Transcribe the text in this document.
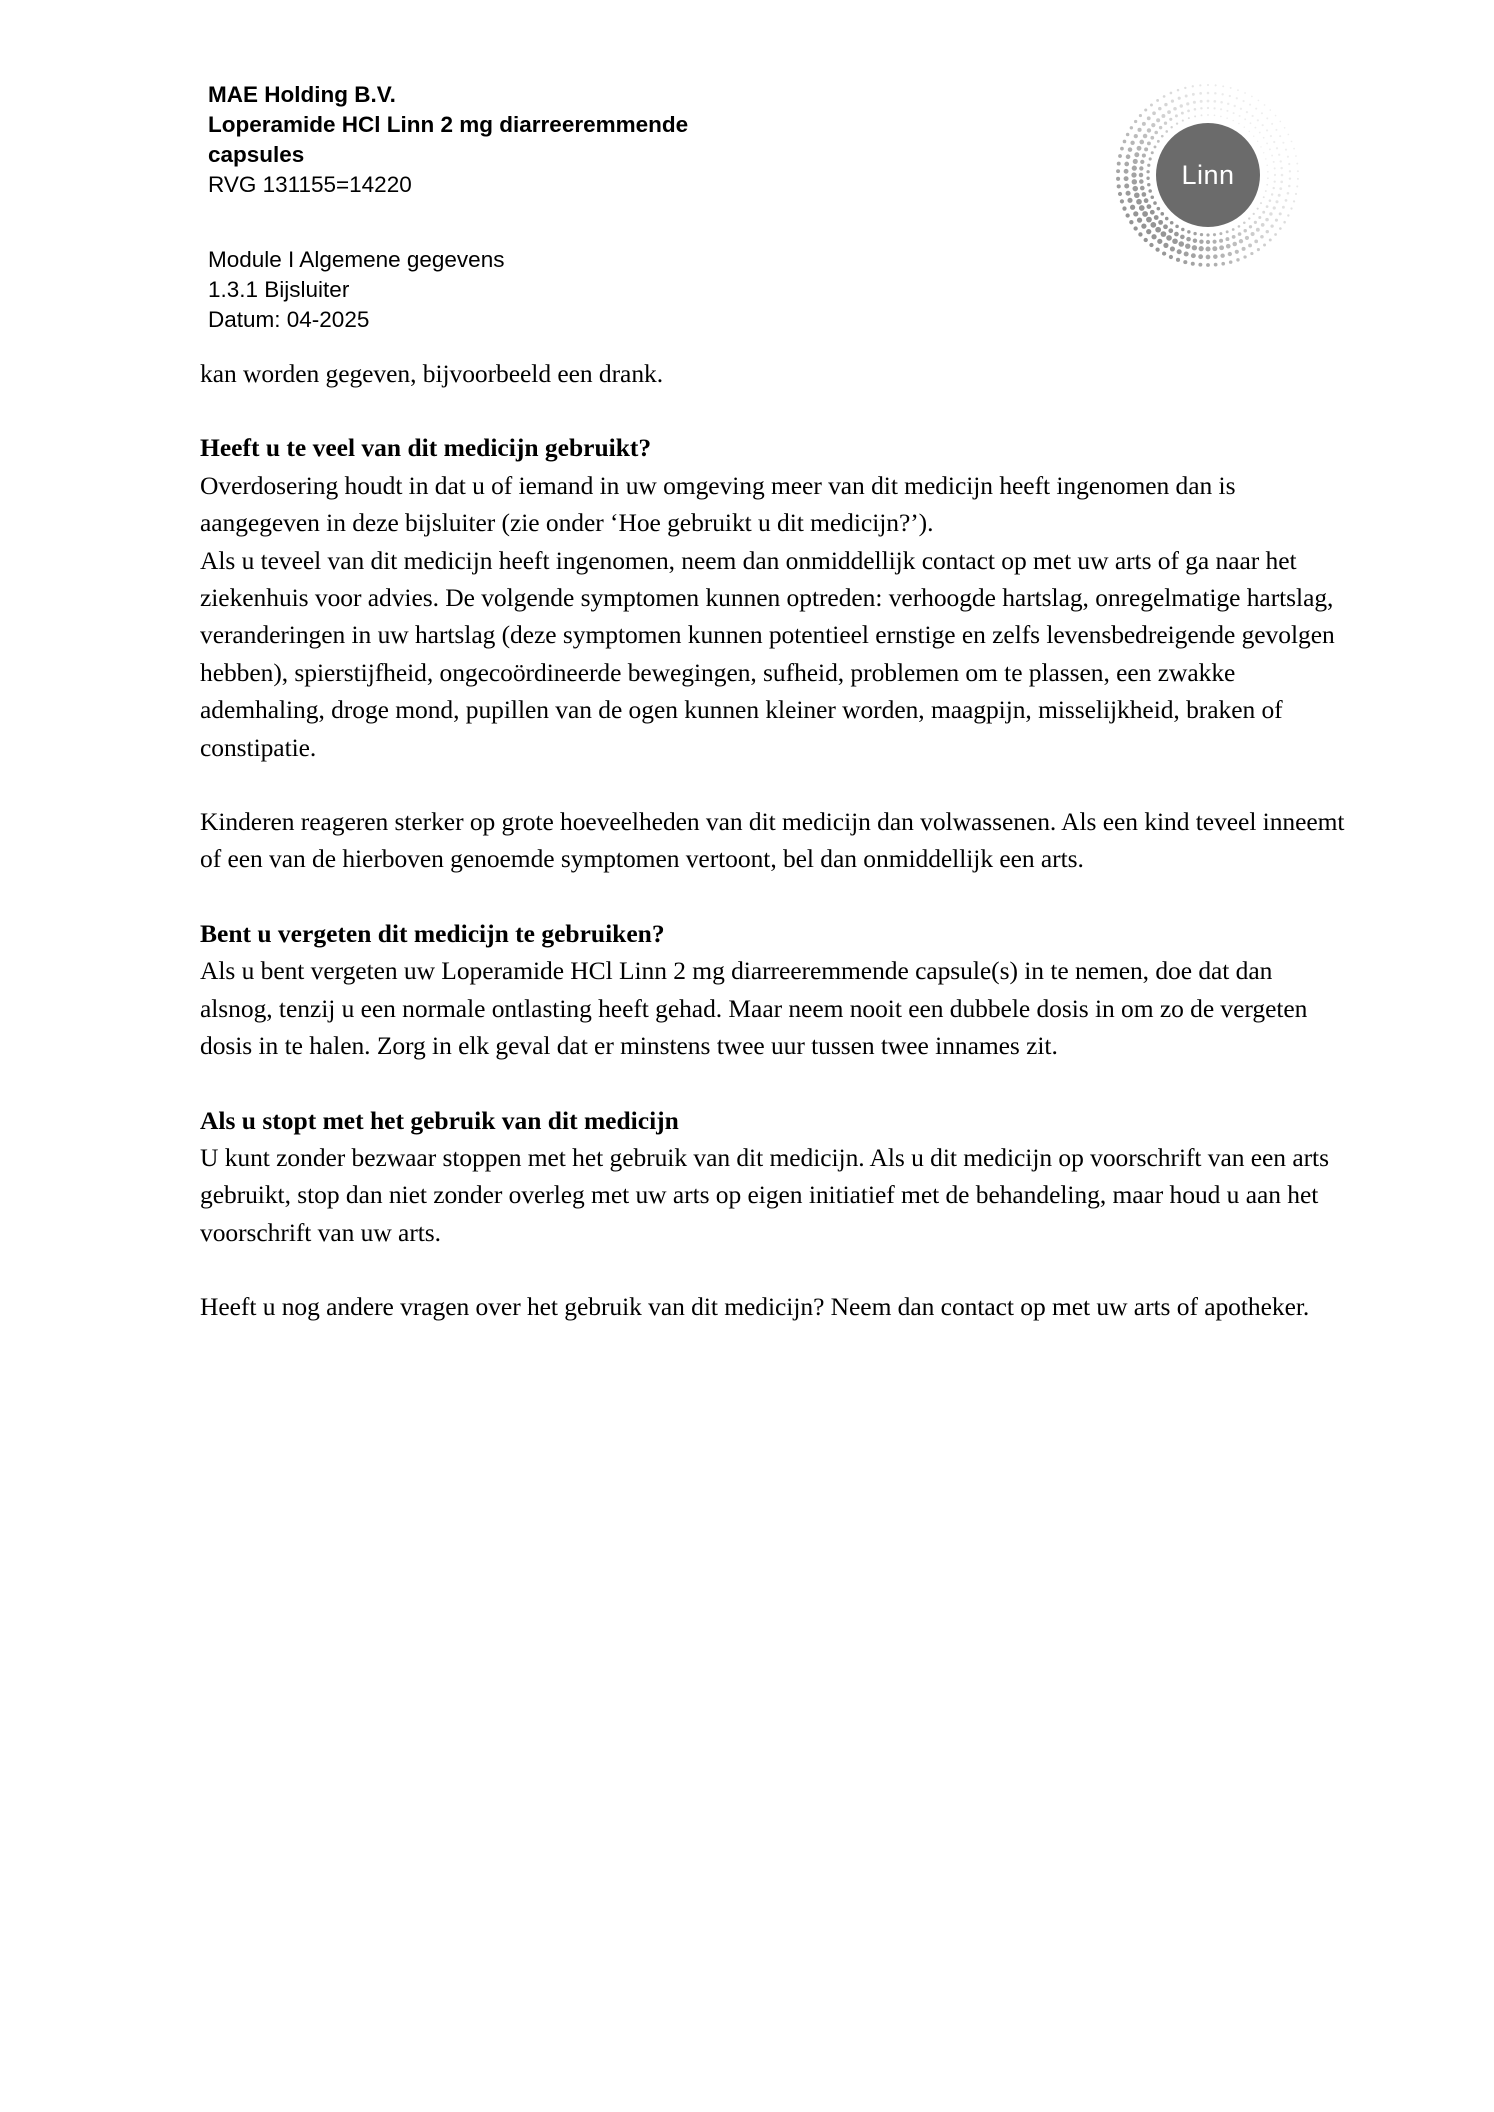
MAE Holding B.V.
Loperamide HCl Linn 2 mg diarreeremmende
capsules
RVG 131155=14220
Module I Algemene gegevens
1.3.1 Bijsluiter
Datum: 04-2025
Linn

kan worden gegeven, bijvoorbeeld een drank.

Heeft u te veel van dit medicijn gebruikt?

Overdosering houdt in dat u of iemand in uw omgeving meer van dit medicijn heeft ingenomen dan is aangegeven in deze bijsluiter (zie onder ‘Hoe gebruikt u dit medicijn?’).

Als u teveel van dit medicijn heeft ingenomen, neem dan onmiddellijk contact op met uw arts of ga naar het ziekenhuis voor advies. De volgende symptomen kunnen optreden: verhoogde hartslag, onregelmatige hartslag, veranderingen in uw hartslag (deze symptomen kunnen potentieel ernstige en zelfs levensbedreigende gevolgen hebben), spierstijfheid, ongecoördineerde bewegingen, sufheid, problemen om te plassen, een zwakke ademhaling, droge mond, pupillen van de ogen kunnen kleiner worden, maagpijn, misselijkheid, braken of constipatie.

Kinderen reageren sterker op grote hoeveelheden van dit medicijn dan volwassenen. Als een kind teveel inneemt of een van de hierboven genoemde symptomen vertoont, bel dan onmiddellijk een arts.

Bent u vergeten dit medicijn te gebruiken?

Als u bent vergeten uw Loperamide HCl Linn 2 mg diarreeremmende capsule(s) in te nemen, doe dat dan alsnog, tenzij u een normale ontlasting heeft gehad. Maar neem nooit een dubbele dosis in om zo de vergeten dosis in te halen. Zorg in elk geval dat er minstens twee uur tussen twee innames zit.

Als u stopt met het gebruik van dit medicijn

U kunt zonder bezwaar stoppen met het gebruik van dit medicijn. Als u dit medicijn op voorschrift van een arts gebruikt, stop dan niet zonder overleg met uw arts op eigen initiatief met de behandeling, maar houd u aan het voorschrift van uw arts.

Heeft u nog andere vragen over het gebruik van dit medicijn? Neem dan contact op met uw arts of apotheker.
